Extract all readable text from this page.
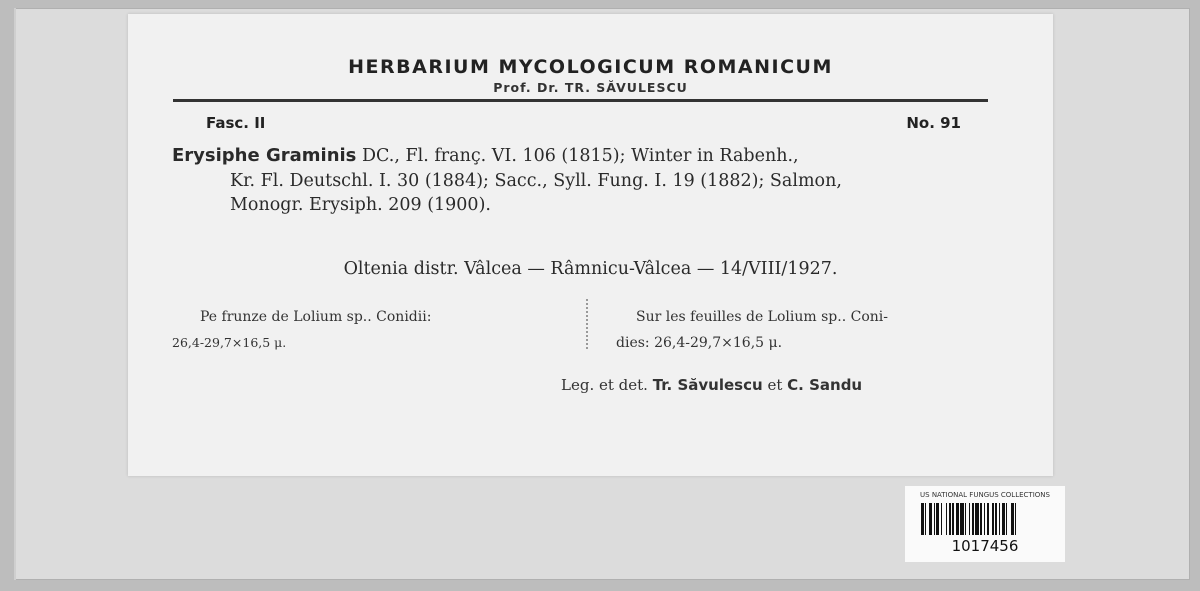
HERBARIUM MYCOLOGICUM ROMANICUM
Prof. Dr. TR. SĂVULESCU
Fasc. II	No. 91
Erysiphe Graminis DC., Fl. franç. VI. 106 (1815); Winter in Rabenh.,
Kr. Fl. Deutschl. I. 30 (1884); Sacc., Syll. Fung. I. 19 (1882); Salmon,
Monogr. Erysiph. 209 (1900).
Oltenia distr. Vâlcea — Râmnicu-Vâlcea — 14/VIII/1927.
Pe frunze de Lolium sp.. Conidii:
26,4-29,7×16,5 μ.
Sur les feuilles de Lolium sp.. Coni-
dies: 26,4-29,7×16,5 μ.
Leg. et det. Tr. Săvulescu et C. Sandu
US NATIONAL FUNGUS COLLECTIONS
1017456
